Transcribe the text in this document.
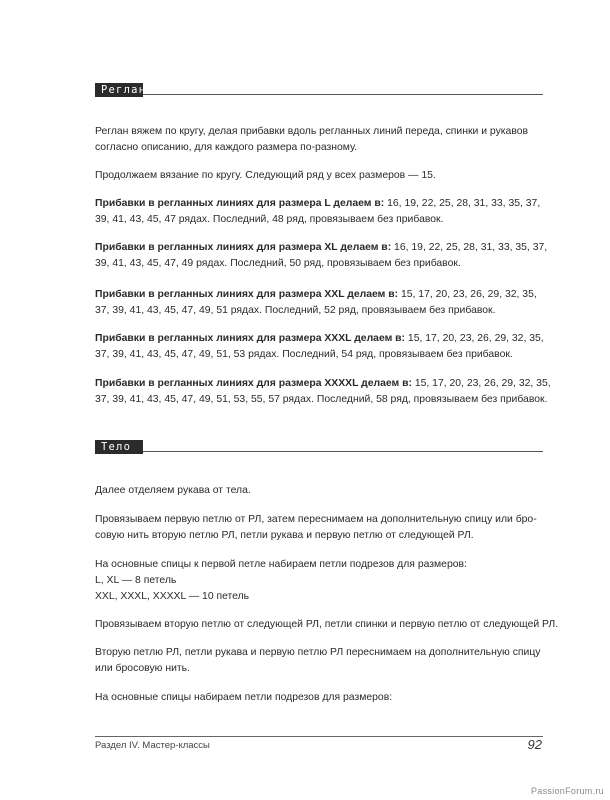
Реглан

Реглан вяжем по кругу, делая прибавки вдоль регланных линий переда, спинки и рукавов
согласно описанию, для каждого размера по-разному.

Продолжаем вязание по кругу. Следующий ряд у всех размеров — 15.

Прибавки в регланных линиях для размера L делаем в: 16, 19, 22, 25, 28, 31, 33, 35, 37,
39, 41, 43, 45, 47 рядах. Последний, 48 ряд, провязываем без прибавок.

Прибавки в регланных линиях для размера XL делаем в: 16, 19, 22, 25, 28, 31, 33, 35, 37,
39, 41, 43, 45, 47, 49 рядах. Последний, 50 ряд, провязываем без прибавок.

Прибавки в регланных линиях для размера XXL делаем в: 15, 17, 20, 23, 26, 29, 32, 35,
37, 39, 41, 43, 45, 47, 49, 51 рядах. Последний, 52 ряд, провязываем без прибавок.

Прибавки в регланных линиях для размера XXXL делаем в: 15, 17, 20, 23, 26, 29, 32, 35,
37, 39, 41, 43, 45, 47, 49, 51, 53 рядах. Последний, 54 ряд, провязываем без прибавок.

Прибавки в регланных линиях для размера XXXXL делаем в: 15, 17, 20, 23, 26, 29, 32, 35,
37, 39, 41, 43, 45, 47, 49, 51, 53, 55, 57 рядах. Последний, 58 ряд, провязываем без прибавок.

Тело

Далее отделяем рукава от тела.

Провязываем первую петлю от РЛ, затем переснимаем на дополнительную спицу или бро-
совую нить вторую петлю РЛ, петли рукава и первую петлю от следующей РЛ.

На основные спицы к первой петле набираем петли подрезов для размеров:
L, XL — 8 петель
XXL, XXXL, XXXXL — 10 петель

Провязываем вторую петлю от следующей РЛ, петли спинки и первую петлю от следующей РЛ.

Вторую петлю РЛ, петли рукава и первую петлю РЛ переснимаем на дополнительную спицу
или бросовую нить.

На основные спицы набираем петли подрезов для размеров:

Раздел IV. Мастер-классы	92
PassionForum.ru
